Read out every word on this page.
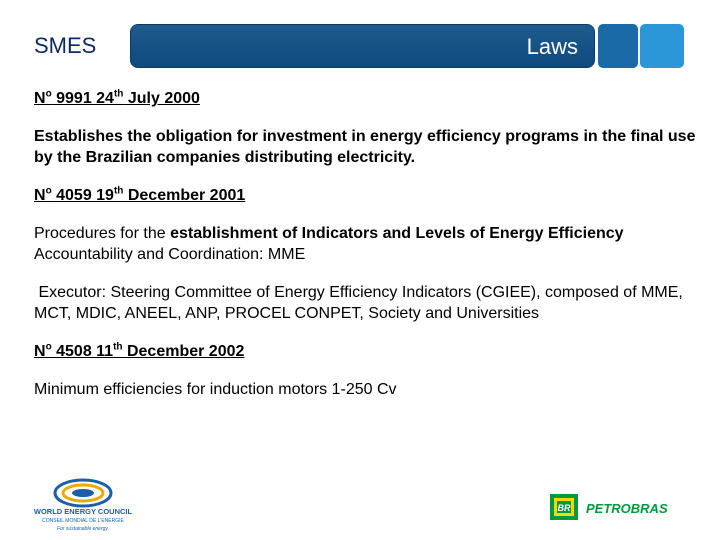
SMES	Laws
$N^o$ 9991 24th July 2000
Establishes the obligation for investment in energy efficiency programs in the final use by the Brazilian companies distributing electricity.
$N^o$ 4059 19th December 2001
Procedures for the establishment of Indicators and Levels of Energy Efficiency
Accountability and Coordination: MME
Executor: Steering Committee of Energy Efficiency Indicators (CGIEE), composed of MME, MCT, MDIC, ANEEL, ANP, PROCEL CONPET, Society and Universities
$N^o$ 4508 11th December 2002
Minimum efficiencies for induction motors 1-250 Cv
WORLD ENERGY COUNCIL
CONSEIL MONDIAL DE L'ENERGIE
For sustainable energy.
BR PETROBRAS
